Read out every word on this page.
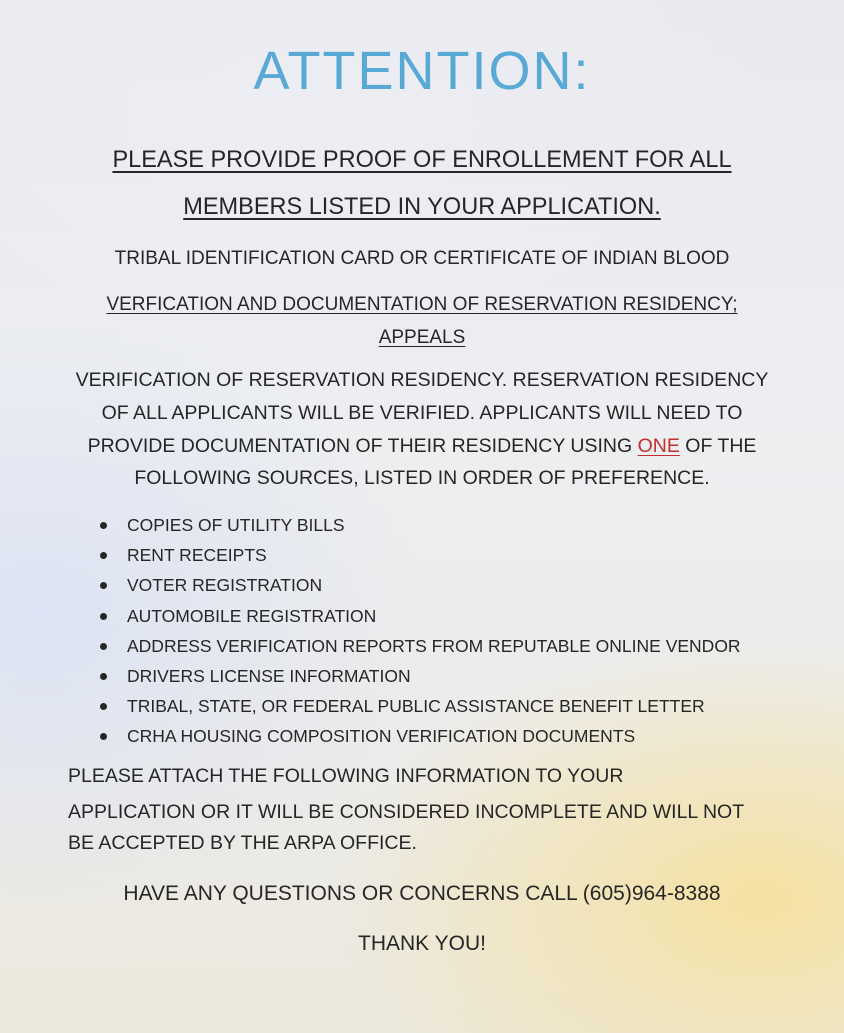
ATTENTION:

PLEASE PROVIDE PROOF OF ENROLLEMENT FOR ALL

MEMBERS LISTED IN YOUR APPLICATION.

TRIBAL IDENTIFICATION CARD OR CERTIFICATE OF INDIAN BLOOD

VERFICATION AND DOCUMENTATION OF RESERVATION RESIDENCY;

APPEALS

VERIFICATION OF RESERVATION RESIDENCY. RESERVATION RESIDENCY

OF ALL APPLICANTS WILL BE VERIFIED. APPLICANTS WILL NEED TO

PROVIDE DOCUMENTATION OF THEIR RESIDENCY USING ONE OF THE

FOLLOWING SOURCES, LISTED IN ORDER OF PREFERENCE.

COPIES OF UTILITY BILLS
RENT RECEIPTS
VOTER REGISTRATION
AUTOMOBILE REGISTRATION
ADDRESS VERIFICATION REPORTS FROM REPUTABLE ONLINE VENDOR
DRIVERS LICENSE INFORMATION
TRIBAL, STATE, OR FEDERAL PUBLIC ASSISTANCE BENEFIT LETTER
CRHA HOUSING COMPOSITION VERIFICATION DOCUMENTS

PLEASE ATTACH THE FOLLOWING INFORMATION TO YOUR

APPLICATION OR IT WILL BE CONSIDERED INCOMPLETE AND WILL NOT

BE ACCEPTED BY THE ARPA OFFICE.

HAVE ANY QUESTIONS OR CONCERNS CALL (605)964-8388

THANK YOU!
